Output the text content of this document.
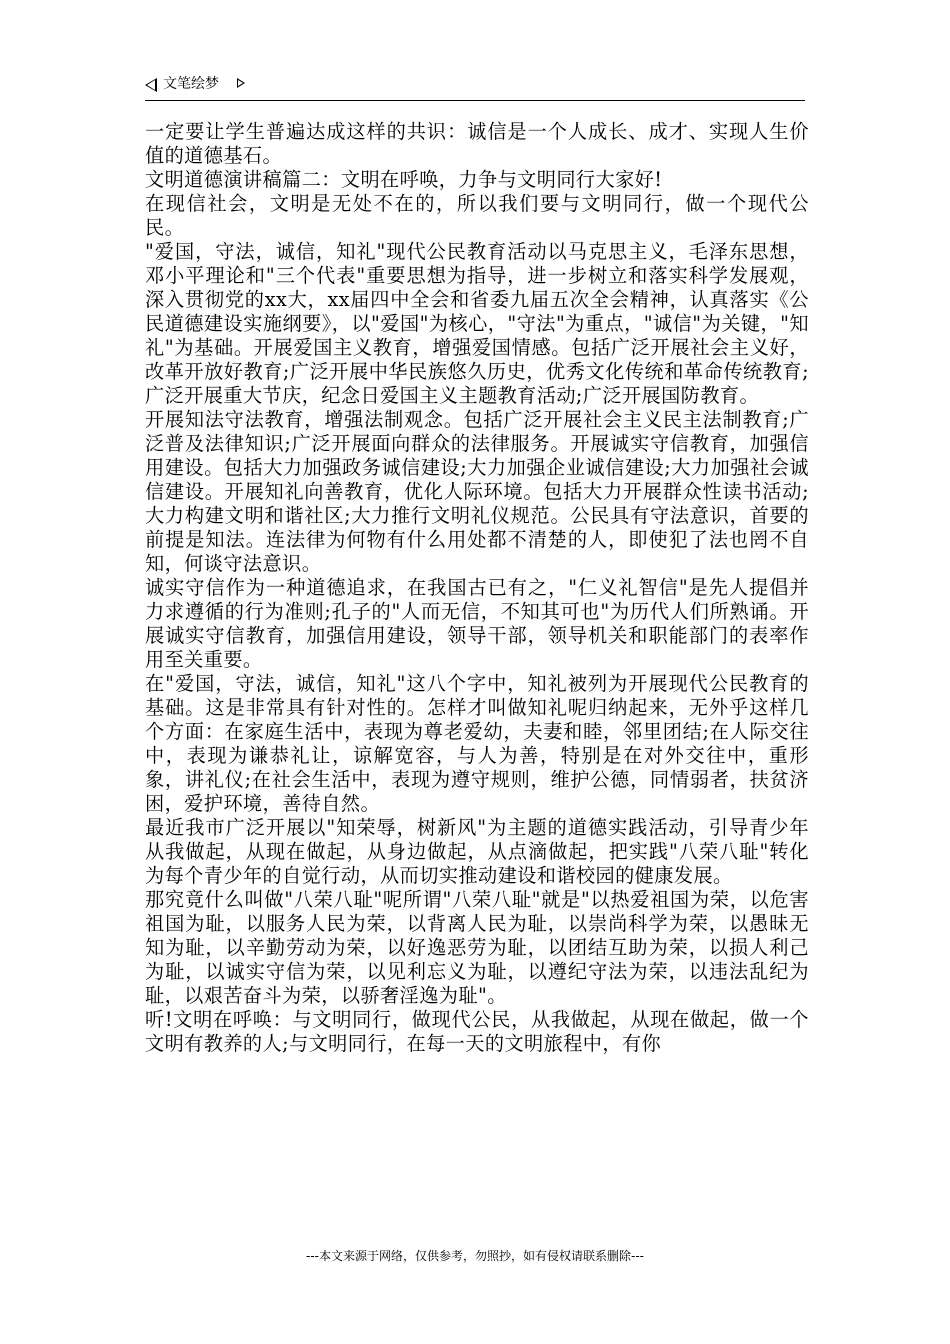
文笔绘梦

一定要让学生普遍达成这样的共识：诚信是一个人成长、成才、实现人生价值的道德基石。

文明道德演讲稿篇二：文明在呼唤，力争与文明同行大家好!

在现信社会，文明是无处不在的，所以我们要与文明同行，做一个现代公民。

"爱国，守法，诚信，知礼"现代公民教育活动以马克思主义，毛泽东思想，邓小平理论和"三个代表"重要思想为指导，进一步树立和落实科学发展观，深入贯彻党的xx大，xx届四中全会和省委九届五次全会精神，认真落实《公民道德建设实施纲要》，以"爱国"为核心，"守法"为重点，"诚信"为关键，"知礼"为基础。开展爱国主义教育，增强爱国情感。包括广泛开展社会主义好，改革开放好教育;广泛开展中华民族悠久历史，优秀文化传统和革命传统教育;广泛开展重大节庆，纪念日爱国主义主题教育活动;广泛开展国防教育。

开展知法守法教育，增强法制观念。包括广泛开展社会主义民主法制教育;广泛普及法律知识;广泛开展面向群众的法律服务。开展诚实守信教育，加强信用建设。包括大力加强政务诚信建设;大力加强企业诚信建设;大力加强社会诚信建设。开展知礼向善教育，优化人际环境。包括大力开展群众性读书活动;大力构建文明和谐社区;大力推行文明礼仪规范。公民具有守法意识，首要的前提是知法。连法律为何物有什么用处都不清楚的人，即使犯了法也罔不自知，何谈守法意识。

诚实守信作为一种道德追求，在我国古已有之，"仁义礼智信"是先人提倡并力求遵循的行为准则;孔子的"人而无信，不知其可也"为历代人们所熟诵。开展诚实守信教育，加强信用建设，领导干部，领导机关和职能部门的表率作用至关重要。

在"爱国，守法，诚信，知礼"这八个字中，知礼被列为开展现代公民教育的基础。这是非常具有针对性的。怎样才叫做知礼呢归纳起来，无外乎这样几个方面：在家庭生活中，表现为尊老爱幼，夫妻和睦，邻里团结;在人际交往中，表现为谦恭礼让，谅解宽容，与人为善，特别是在对外交往中，重形象，讲礼仪;在社会生活中，表现为遵守规则，维护公德，同情弱者，扶贫济困，爱护环境，善待自然。

最近我市广泛开展以"知荣辱，树新风"为主题的道德实践活动，引导青少年从我做起，从现在做起，从身边做起，从点滴做起，把实践"八荣八耻"转化为每个青少年的自觉行动，从而切实推动建设和谐校园的健康发展。

那究竟什么叫做"八荣八耻"呢所谓"八荣八耻"就是"以热爱祖国为荣，以危害祖国为耻，以服务人民为荣，以背离人民为耻，以崇尚科学为荣，以愚昧无知为耻，以辛勤劳动为荣，以好逸恶劳为耻，以团结互助为荣，以损人利己为耻，以诚实守信为荣，以见利忘义为耻，以遵纪守法为荣，以违法乱纪为耻，以艰苦奋斗为荣，以骄奢淫逸为耻"。

听!文明在呼唤：与文明同行，做现代公民，从我做起，从现在做起，做一个文明有教养的人;与文明同行，在每一天的文明旅程中，有你

---本文来源于网络，仅供参考，勿照抄，如有侵权请联系删除---
